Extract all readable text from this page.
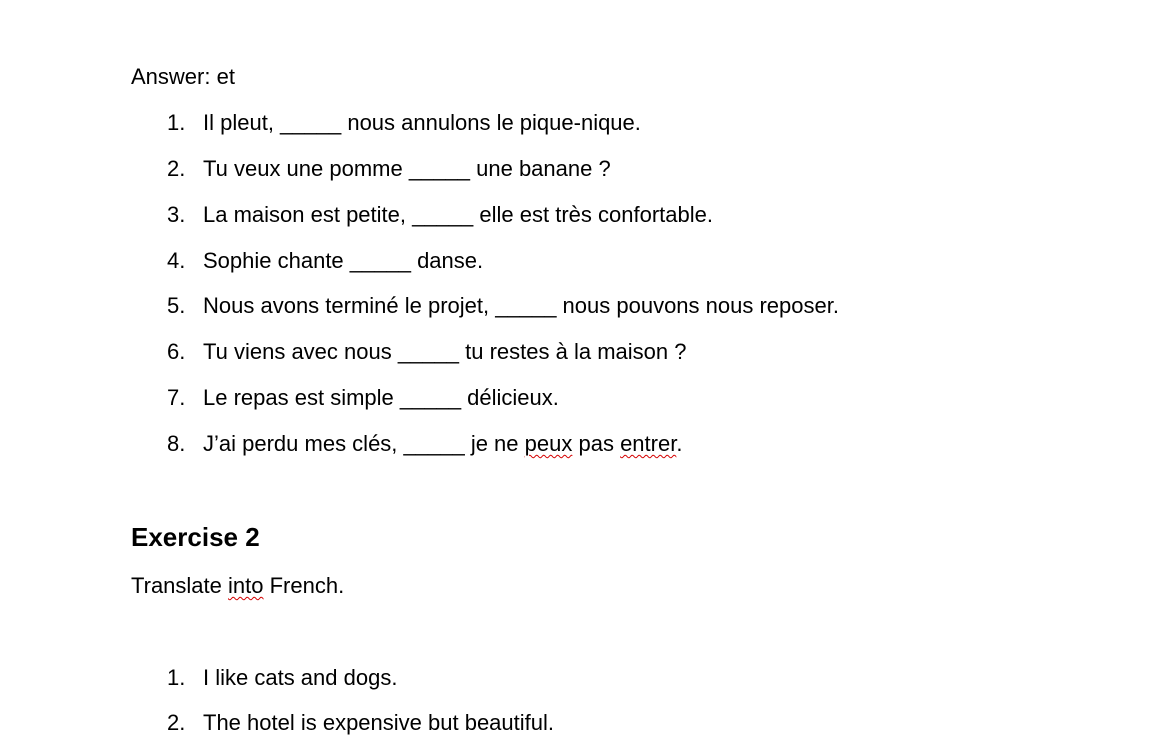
Answer: et
1. Il pleut, _____ nous annulons le pique-nique.
2. Tu veux une pomme _____ une banane ?
3. La maison est petite, _____ elle est très confortable.
4. Sophie chante _____ danse.
5. Nous avons terminé le projet, _____ nous pouvons nous reposer.
6. Tu viens avec nous _____ tu restes à la maison ?
7. Le repas est simple _____ délicieux.
8. J’ai perdu mes clés, _____ je ne peux pas entrer.
Exercise 2
Translate into French.
1. I like cats and dogs.
2. The hotel is expensive but beautiful.
